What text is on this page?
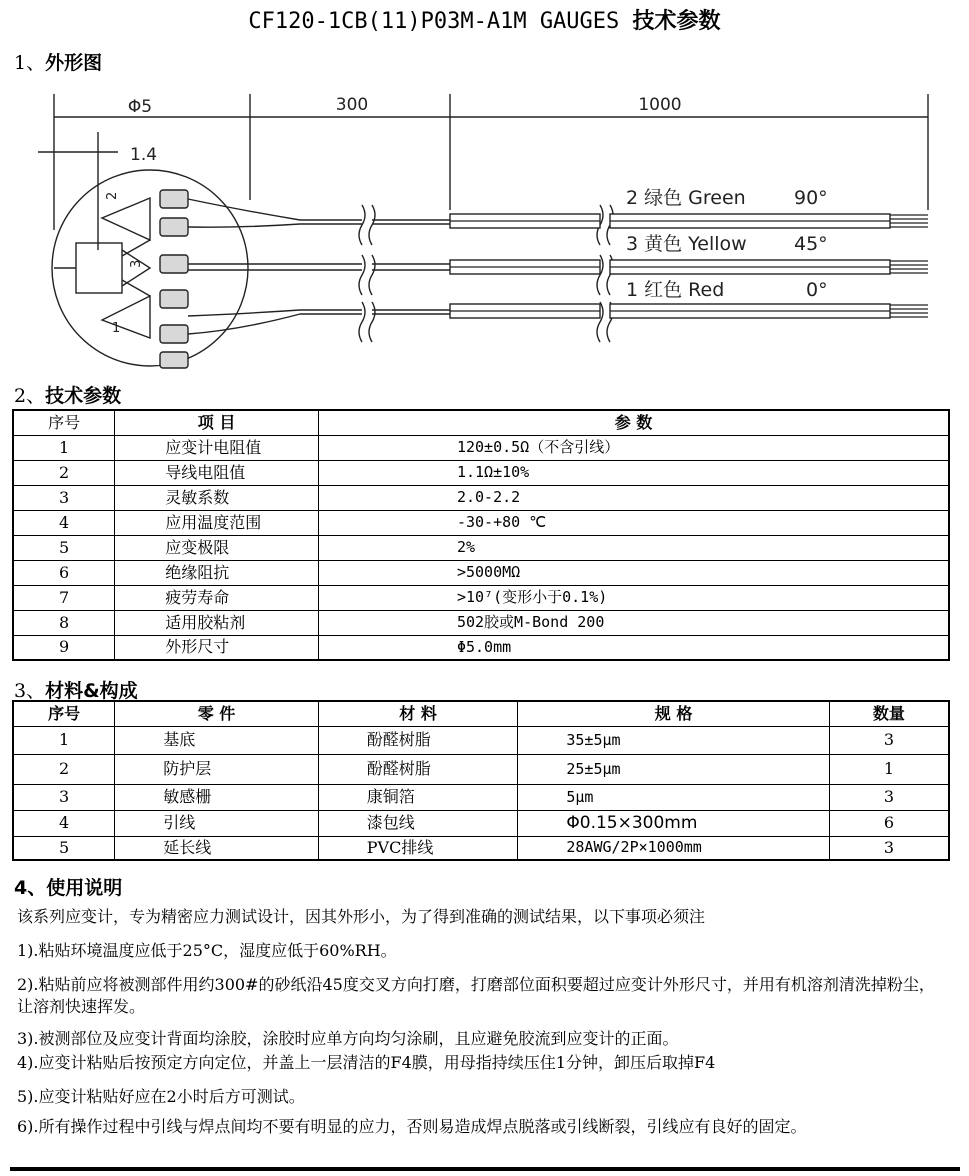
CF120-1CB(11)P03M-A1M GAUGES 技术参数
1、外形图
Φ5	300	1000
1.4
2 绿色 Green	90°
3 黄色 Yellow 45°
1 红色 Red	0°
2
3
1
2、技术参数
序号	项 目	参 数
1	应变计电阻值	120±0.5Ω（不含引线）
2	导线电阻值	1.1Ω±10%
3	灵敏系数	2.0-2.2
4	应用温度范围	-30-+80 ℃
5	应变极限	2%
6	绝缘阻抗	>5000MΩ
7	疲劳寿命	>10⁷(变形小于0.1%)
8	适用胶粘剂	502胶或M-Bond 200
9	外形尺寸	Φ5.0mm
3、材料&构成
序号	零 件	材 料	规 格	数量
1	基底	酚醛树脂	35±5μm	3
2	防护层	酚醛树脂	25±5μm	1
3	敏感栅	康铜箔	5μm	3
4	引线	漆包线	Φ0.15×300mm	6
5	延长线	PVC排线	28AWG/2P×1000mm	3
4、使用说明
该系列应变计，专为精密应力测试设计，因其外形小，为了得到准确的测试结果，以下事项必须注
1).粘贴环境温度应低于25°C，湿度应低于60%RH。
2).粘贴前应将被测部件用约300#的砂纸沿45度交叉方向打磨，打磨部位面积要超过应变计外形尺寸，并用有机溶剂清洗掉粉尘，让溶剂快速挥发。
3).被测部位及应变计背面均涂胶，涂胶时应单方向均匀涂刷，且应避免胶流到应变计的正面。
4).应变计粘贴后按预定方向定位，并盖上一层清洁的F4膜，用母指持续压住1分钟，卸压后取掉F4
5).应变计粘贴好应在2小时后方可测试。
6).所有操作过程中引线与焊点间均不要有明显的应力，否则易造成焊点脱落或引线断裂，引线应有良好的固定。
